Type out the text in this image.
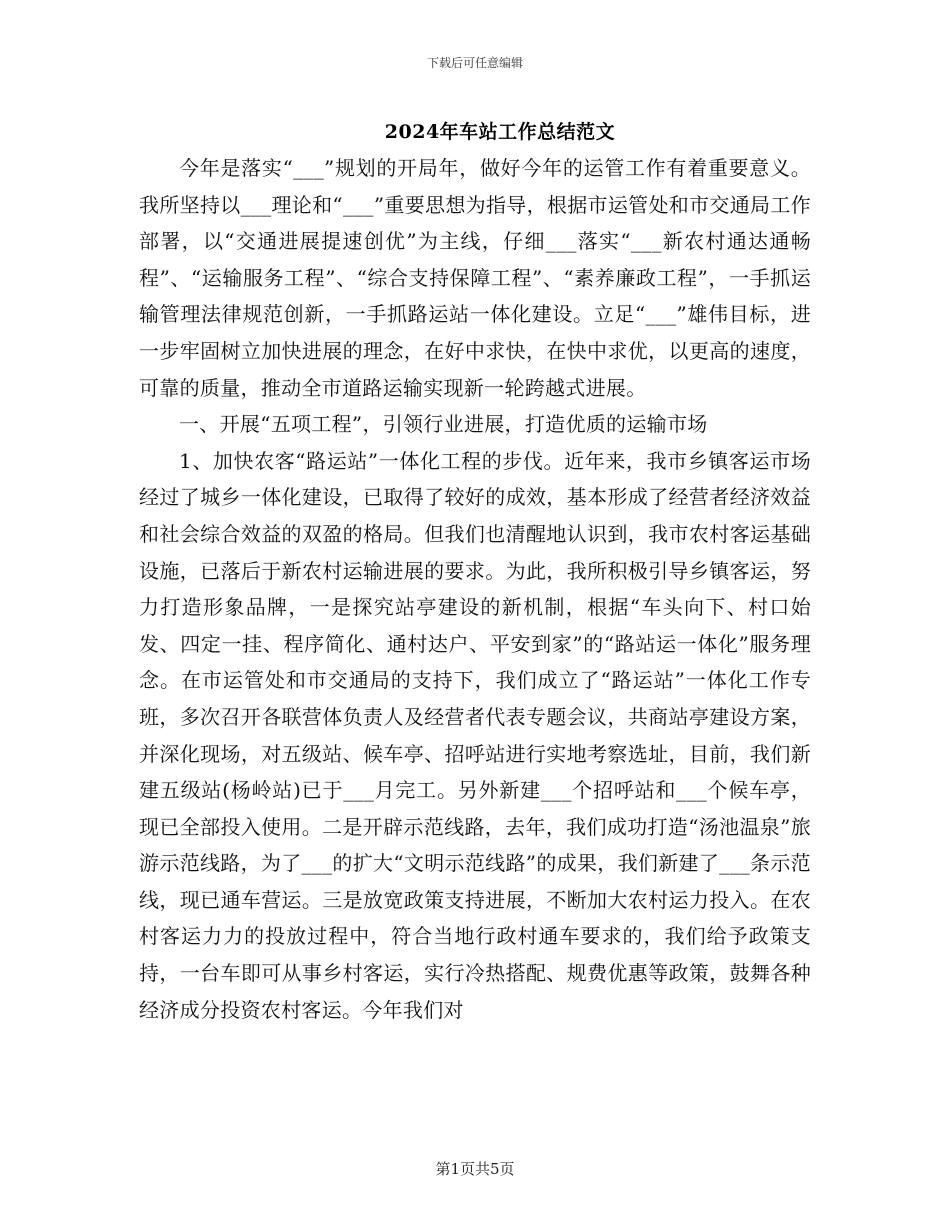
下载后可任意编辑
2024年车站工作总结范文

今年是落实“___”规划的开局年，做好今年的运管工作有着重要意义。我所坚持以___理论和“___”重要思想为指导，根据市运管处和市交通局工作部署，以“交通进展提速创优”为主线，仔细___落实“___新农村通达通畅程”、“运输服务工程”、“综合支持保障工程”、“素养廉政工程”，一手抓运输管理法律规范创新，一手抓路运站一体化建设。立足“___”雄伟目标，进一步牢固树立加快进展的理念，在好中求快，在快中求优，以更高的速度，可靠的质量，推动全市道路运输实现新一轮跨越式进展。

一、开展“五项工程”，引领行业进展，打造优质的运输市场

1、加快农客“路运站”一体化工程的步伐。近年来，我市乡镇客运市场经过了城乡一体化建设，已取得了较好的成效，基本形成了经营者经济效益和社会综合效益的双盈的格局。但我们也清醒地认识到，我市农村客运基础设施，已落后于新农村运输进展的要求。为此，我所积极引导乡镇客运，努力打造形象品牌，一是探究站亭建设的新机制，根据“车头向下、村口始发、四定一挂、程序简化、通村达户、平安到家”的“路站运一体化”服务理念。在市运管处和市交通局的支持下，我们成立了“路运站”一体化工作专班，多次召开各联营体负责人及经营者代表专题会议，共商站亭建设方案，并深化现场，对五级站、候车亭、招呼站进行实地考察选址，目前，我们新建五级站(杨岭站)已于___月完工。另外新建___个招呼站和___个候车亭，现已全部投入使用。二是开辟示范线路，去年，我们成功打造“汤池温泉”旅游示范线路，为了___的扩大“文明示范线路”的成果，我们新建了___条示范线，现已通车营运。三是放宽政策支持进展，不断加大农村运力投入。在农村客运力力的投放过程中，符合当地行政村通车要求的，我们给予政策支持，一台车即可从事乡村客运，实行冷热搭配、规费优惠等政策，鼓舞各种经济成分投资农村客运。今年我们对

第1页共5页
